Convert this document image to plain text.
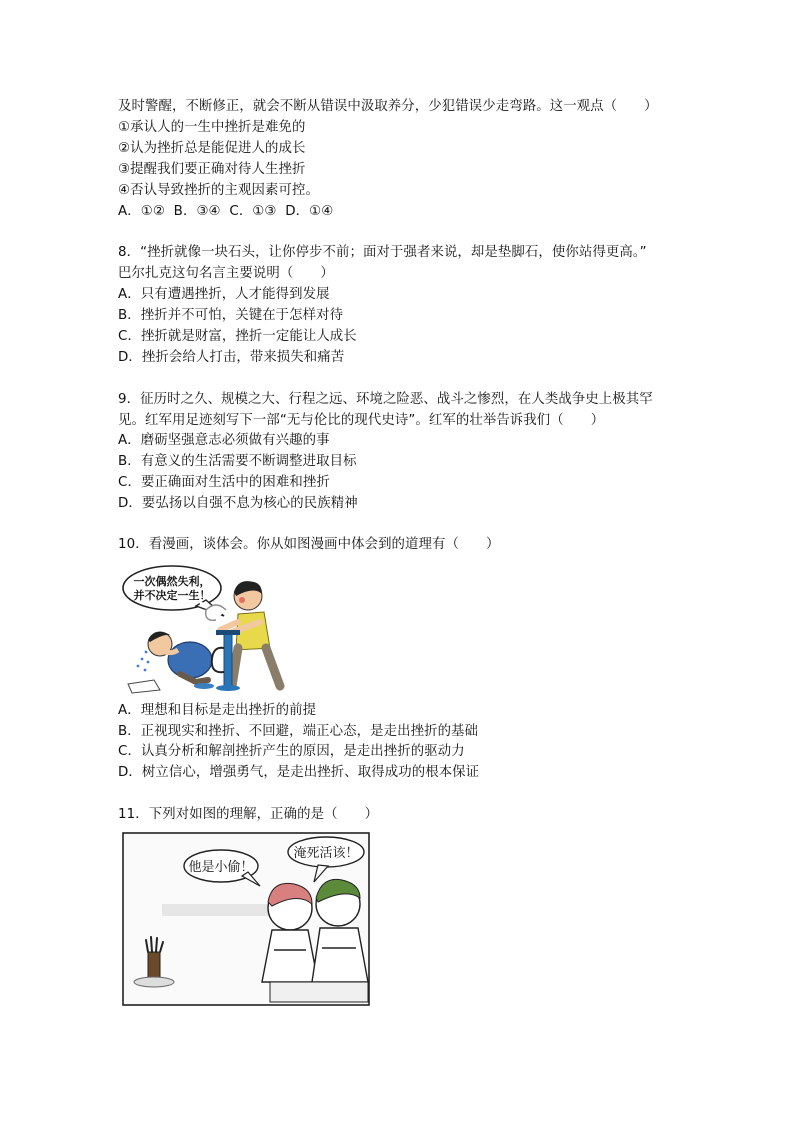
及时警醒，不断修正，就会不断从错误中汲取养分，少犯错误少走弯路。这一观点（　　）
①承认人的一生中挫折是难免的
②认为挫折总是能促进人的成长
③提醒我们要正确对待人生挫折
④否认导致挫折的主观因素可控。
A．①②  B．③④  C．①③  D．①④
8．“挫折就像一块石头，让你停步不前；面对于强者来说，却是垫脚石，使你站得更高。”
巴尔扎克这句名言主要说明（　　）
A．只有遭遇挫折，人才能得到发展
B．挫折并不可怕，关键在于怎样对待
C．挫折就是财富，挫折一定能让人成长
D．挫折会给人打击，带来损失和痛苦
9．征历时之久、规模之大、行程之远、环境之险恶、战斗之惨烈，在人类战争史上极其罕
见。红军用足迹刻写下一部“无与伦比的现代史诗”。红军的壮举告诉我们（　　）
A．磨砺坚强意志必须做有兴趣的事
B．有意义的生活需要不断调整进取目标
C．要正确面对生活中的困难和挫折
D．要弘扬以自强不息为核心的民族精神
10．看漫画，谈体会。你从如图漫画中体会到的道理有（　　）
一次偶然失利，
并不决定一生！
A．理想和目标是走出挫折的前提
B．正视现实和挫折、不回避，端正心态，是走出挫折的基础
C．认真分析和解剖挫折产生的原因，是走出挫折的驱动力
D．树立信心，增强勇气，是走出挫折、取得成功的根本保证
11．下列对如图的理解，正确的是（　　）
他是小偷！
淹死活该！
